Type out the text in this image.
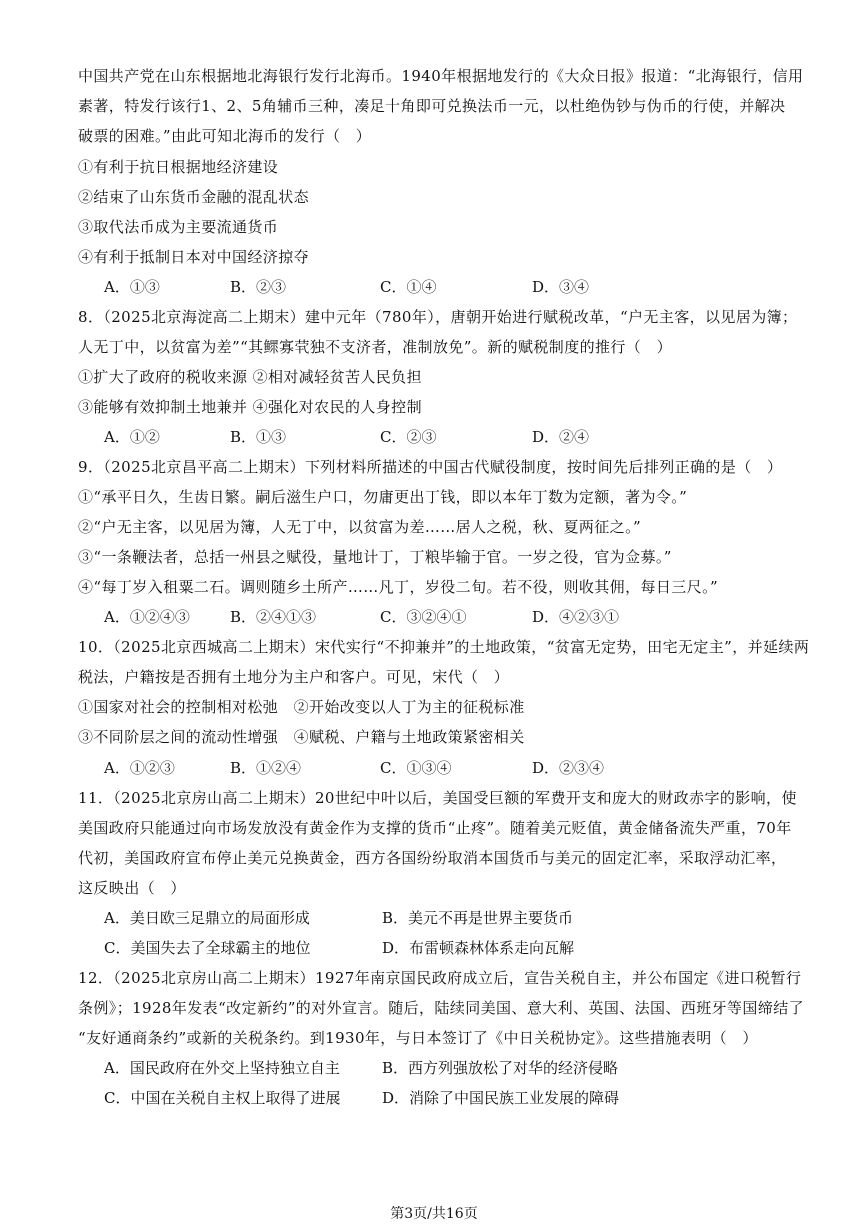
中国共产党在山东根据地北海银行发行北海币。1940年根据地发行的《大众日报》报道：“北海银行，信用
素著，特发行该行1、2、5角辅币三种，凑足十角即可兑换法币一元，以杜绝伪钞与伪币的行使，并解决
破票的困难。”由此可知北海币的发行（　）
①有利于抗日根据地经济建设
②结束了山东货币金融的混乱状态
③取代法币成为主要流通货币
④有利于抵制日本对中国经济掠夺
A．①③	B．②③	C．①④	D．③④
8．（2025北京海淀高二上期末）建中元年（780年），唐朝开始进行赋税改革，“户无主客，以见居为簿；
人无丁中，以贫富为差”“其鳏寡茕独不支济者，准制放免”。新的赋税制度的推行（　）
①扩大了政府的税收来源 ②相对减轻贫苦人民负担
③能够有效抑制土地兼并 ④强化对农民的人身控制
A．①②	B．①③	C．②③	D．②④
9．（2025北京昌平高二上期末）下列材料所描述的中国古代赋役制度，按时间先后排列正确的是（　）
①“承平日久，生齿日繁。嗣后滋生户口，勿庸更出丁钱，即以本年丁数为定额，著为令。”
②“户无主客，以见居为簿，人无丁中，以贫富为差……居人之税，秋、夏两征之。”
③“一条鞭法者，总括一州县之赋役，量地计丁，丁粮毕输于官。一岁之役，官为佥募。”
④“每丁岁入租粟二石。调则随乡土所产……凡丁，岁役二旬。若不役，则收其佣，每日三尺。”
A．①②④③	B．②④①③	C．③②④①	D．④②③①
10．（2025北京西城高二上期末）宋代实行“不抑兼并”的土地政策，“贫富无定势，田宅无定主”，并延续两
税法，户籍按是否拥有土地分为主户和客户。可见，宋代（　）
①国家对社会的控制相对松弛　②开始改变以人丁为主的征税标准
③不同阶层之间的流动性增强　④赋税、户籍与土地政策紧密相关
A．①②③	B．①②④	C．①③④	D．②③④
11．（2025北京房山高二上期末）20世纪中叶以后，美国受巨额的军费开支和庞大的财政赤字的影响，使
美国政府只能通过向市场发放没有黄金作为支撑的货币“止疼”。随着美元贬值，黄金储备流失严重，70年
代初，美国政府宣布停止美元兑换黄金，西方各国纷纷取消本国货币与美元的固定汇率，采取浮动汇率，
这反映出（　）
A．美日欧三足鼎立的局面形成	B．美元不再是世界主要货币
C．美国失去了全球霸主的地位	D．布雷顿森林体系走向瓦解
12．（2025北京房山高二上期末）1927年南京国民政府成立后，宣告关税自主，并公布国定《进口税暂行
条例》；1928年发表“改定新约”的对外宣言。随后，陆续同美国、意大利、英国、法国、西班牙等国缔结了
“友好通商条约”或新的关税条约。到1930年，与日本签订了《中日关税协定》。这些措施表明（　）
A．国民政府在外交上坚持独立自主	B．西方列强放松了对华的经济侵略
C．中国在关税自主权上取得了进展	D．消除了中国民族工业发展的障碍
第3页/共16页
